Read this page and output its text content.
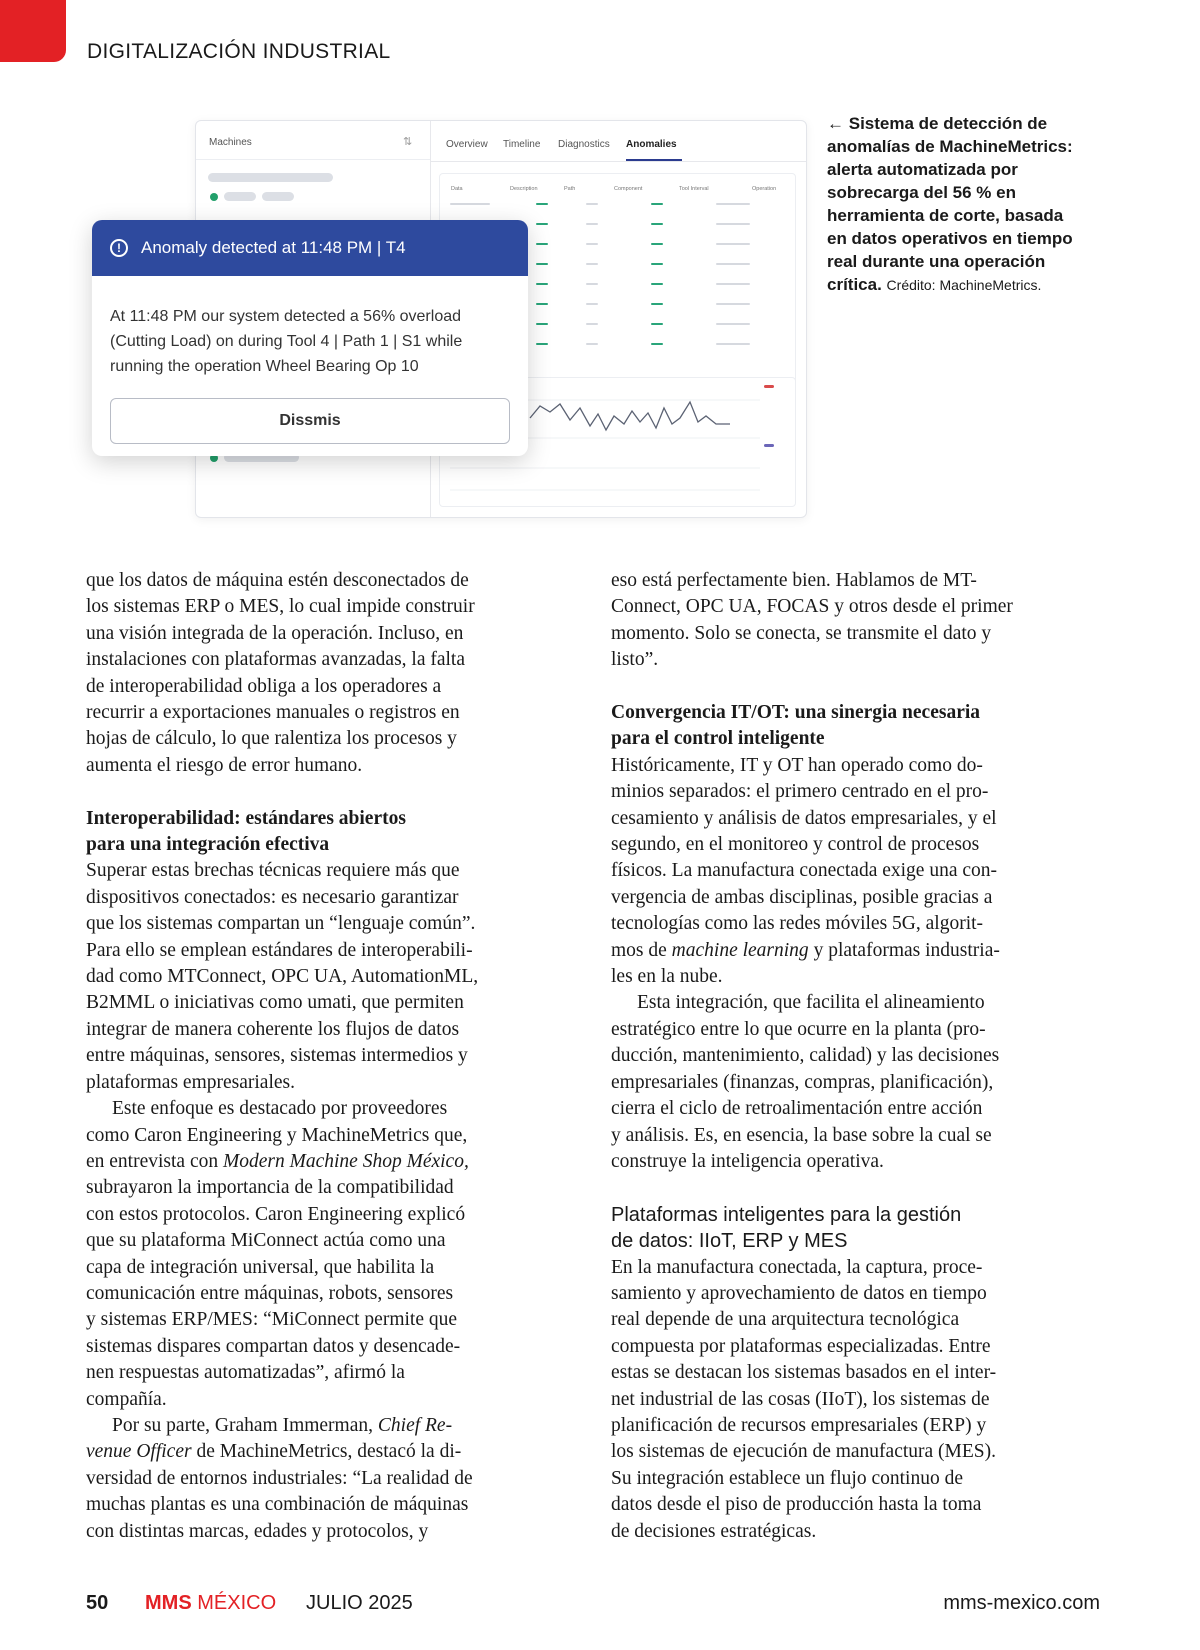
DIGITALIZACIÓN INDUSTRIAL
Machines	⇅	Overview Timeline Diagnostics Anomalies
Data	Description	Path	Component	Tool Interval	Operation
!	Anomaly detected at 11:48 PM | T4
At 11:48 PM our system detected a 56% overload
(Cutting Load) on during Tool 4 | Path 1 | S1 while
running the operation Wheel Bearing Op 10
Dissmis
← Sistema de detección de
anomalías de MachineMetrics:
alerta automatizada por
sobrecarga del 56 % en
herramienta de corte, basada
en datos operativos en tiempo
real durante una operación
crítica. Crédito: MachineMetrics.
que los datos de máquina estén desconectados de
los sistemas ERP o MES, lo cual impide construir
una visión integrada de la operación. Incluso, en
instalaciones con plataformas avanzadas, la falta
de interoperabilidad obliga a los operadores a
recurrir a exportaciones manuales o registros en
hojas de cálculo, lo que ralentiza los procesos y
aumenta el riesgo de error humano.
Interoperabilidad: estándares abiertos
para una integración efectiva
Superar estas brechas técnicas requiere más que
dispositivos conectados: es necesario garantizar
que los sistemas compartan un “lenguaje común”.
Para ello se emplean estándares de interoperabili-
dad como MTConnect, OPC UA, AutomationML,
B2MML o iniciativas como umati, que permiten
integrar de manera coherente los flujos de datos
entre máquinas, sensores, sistemas intermedios y
plataformas empresariales.
Este enfoque es destacado por proveedores
como Caron Engineering y MachineMetrics que,
en entrevista con Modern Machine Shop México,
subrayaron la importancia de la compatibilidad
con estos protocolos. Caron Engineering explicó
que su plataforma MiConnect actúa como una
capa de integración universal, que habilita la
comunicación entre máquinas, robots, sensores
y sistemas ERP/MES: “MiConnect permite que
sistemas dispares compartan datos y desencade-
nen respuestas automatizadas”, afirmó la
compañía.
Por su parte, Graham Immerman, Chief Re-
venue Officer de MachineMetrics, destacó la di-
versidad de entornos industriales: “La realidad de
muchas plantas es una combinación de máquinas
con distintas marcas, edades y protocolos, y
eso está perfectamente bien. Hablamos de MT-
Connect, OPC UA, FOCAS y otros desde el primer
momento. Solo se conecta, se transmite el dato y
listo”.
Convergencia IT/OT: una sinergia necesaria
para el control inteligente
Históricamente, IT y OT han operado como do-
minios separados: el primero centrado en el pro-
cesamiento y análisis de datos empresariales, y el
segundo, en el monitoreo y control de procesos
físicos. La manufactura conectada exige una con-
vergencia de ambas disciplinas, posible gracias a
tecnologías como las redes móviles 5G, algorit-
mos de machine learning y plataformas industria-
les en la nube.
Esta integración, que facilita el alineamiento
estratégico entre lo que ocurre en la planta (pro-
ducción, mantenimiento, calidad) y las decisiones
empresariales (finanzas, compras, planificación),
cierra el ciclo de retroalimentación entre acción
y análisis. Es, en esencia, la base sobre la cual se
construye la inteligencia operativa.
Plataformas inteligentes para la gestión
de datos: IIoT, ERP y MES
En la manufactura conectada, la captura, proce-
samiento y aprovechamiento de datos en tiempo
real depende de una arquitectura tecnológica
compuesta por plataformas especializadas. Entre
estas se destacan los sistemas basados en el inter-
net industrial de las cosas (IIoT), los sistemas de
planificación de recursos empresariales (ERP) y
los sistemas de ejecución de manufactura (MES).
Su integración establece un flujo continuo de
datos desde el piso de producción hasta la toma
de decisiones estratégicas.
50 MMS MÉXICO JULIO 2025	mms-mexico.com
